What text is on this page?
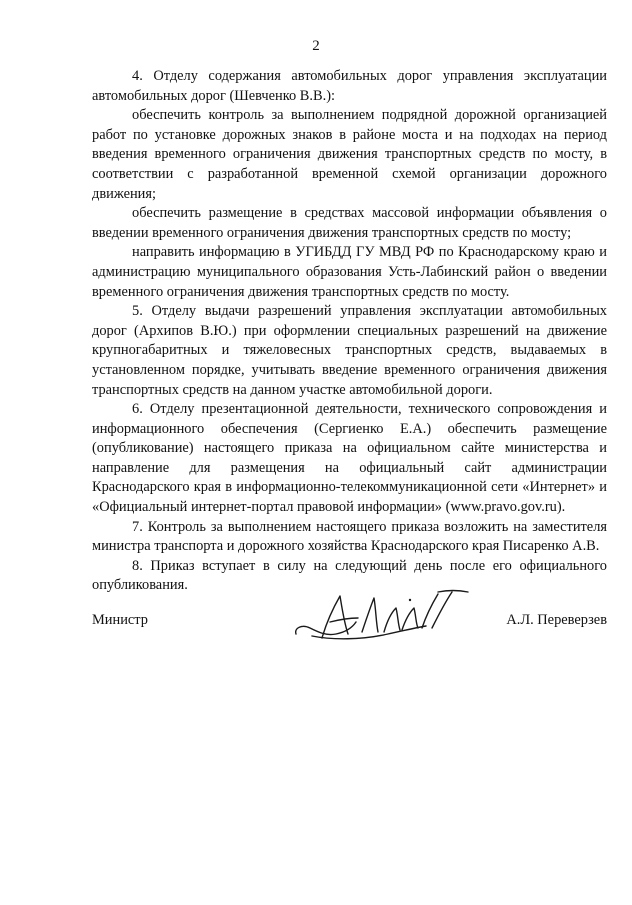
2

4. Отделу содержания автомобильных дорог управления эксплуатации автомобильных дорог (Шевченко В.В.):

обеспечить контроль за выполнением подрядной дорожной организацией работ по установке дорожных знаков в районе моста и на подходах на период введения временного ограничения движения транспортных средств по мосту, в соответствии с разработанной временной схемой организации дорожного движения;

обеспечить размещение в средствах массовой информации объявления о введении временного ограничения движения транспортных средств по мосту;

направить информацию в УГИБДД ГУ МВД РФ по Краснодарскому краю и администрацию муниципального образования Усть-Лабинский район о введении временного ограничения движения транспортных средств по мосту.

5. Отделу выдачи разрешений управления эксплуатации автомобильных дорог (Архипов В.Ю.) при оформлении специальных разрешений на движение крупногабаритных и тяжеловесных транспортных средств, выдаваемых в установленном порядке, учитывать введение временного ограничения движения транспортных средств на данном участке автомобильной дороги.

6. Отделу презентационной деятельности, технического сопровождения и информационного обеспечения (Сергиенко Е.А.) обеспечить размещение (опубликование) настоящего приказа на официальном сайте министерства и направление для размещения на официальный сайт администрации Краснодарского края в информационно-телекоммуникационной сети «Интернет» и «Официальный интернет-портал правовой информации» (www.pravo.gov.ru).

7. Контроль за выполнением настоящего приказа возложить на заместителя министра транспорта и дорожного хозяйства Краснодарского края Писаренко А.В.

8. Приказ вступает в силу на следующий день после его официального опубликования.

Министр	А.Л. Переверзев
